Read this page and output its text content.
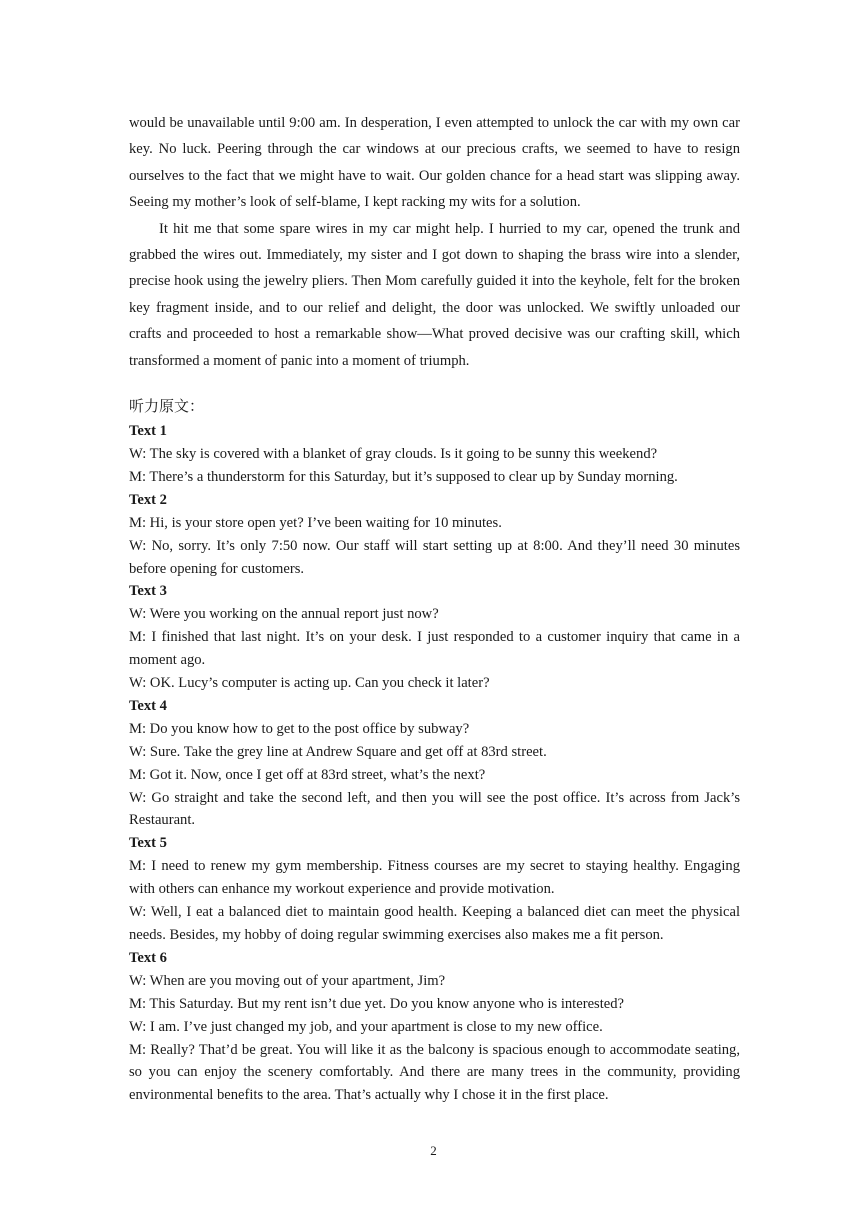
would be unavailable until 9:00 am. In desperation, I even attempted to unlock the car with my own car key. No luck. Peering through the car windows at our precious crafts, we seemed to have to resign ourselves to the fact that we might have to wait. Our golden chance for a head start was slipping away. Seeing my mother’s look of self-blame, I kept racking my wits for a solution.

It hit me that some spare wires in my car might help. I hurried to my car, opened the trunk and grabbed the wires out. Immediately, my sister and I got down to shaping the brass wire into a slender, precise hook using the jewelry pliers. Then Mom carefully guided it into the keyhole, felt for the broken key fragment inside, and to our relief and delight, the door was unlocked. We swiftly unloaded our crafts and proceeded to host a remarkable show—What proved decisive was our crafting skill, which transformed a moment of panic into a moment of triumph.

听力原文：
Text 1

W: The sky is covered with a blanket of gray clouds. Is it going to be sunny this weekend?

M: There’s a thunderstorm for this Saturday, but it’s supposed to clear up by Sunday morning.

Text 2

M: Hi, is your store open yet? I’ve been waiting for 10 minutes.

W: No, sorry. It’s only 7:50 now. Our staff will start setting up at 8:00. And they’ll need 30 minutes before opening for customers.

Text 3

W: Were you working on the annual report just now?

M: I finished that last night. It’s on your desk. I just responded to a customer inquiry that came in a moment ago.

W: OK. Lucy’s computer is acting up. Can you check it later?

Text 4

M: Do you know how to get to the post office by subway?

W: Sure. Take the grey line at Andrew Square and get off at 83rd street.

M: Got it. Now, once I get off at 83rd street, what’s the next?

W: Go straight and take the second left, and then you will see the post office. It’s across from Jack’s Restaurant.

Text 5

M: I need to renew my gym membership. Fitness courses are my secret to staying healthy. Engaging with others can enhance my workout experience and provide motivation.

W: Well, I eat a balanced diet to maintain good health. Keeping a balanced diet can meet the physical needs. Besides, my hobby of doing regular swimming exercises also makes me a fit person.

Text 6

W: When are you moving out of your apartment, Jim?

M: This Saturday. But my rent isn’t due yet. Do you know anyone who is interested?

W: I am. I’ve just changed my job, and your apartment is close to my new office.

M: Really? That’d be great. You will like it as the balcony is spacious enough to accommodate seating, so you can enjoy the scenery comfortably. And there are many trees in the community, providing environmental benefits to the area. That’s actually why I chose it in the first place.

2
